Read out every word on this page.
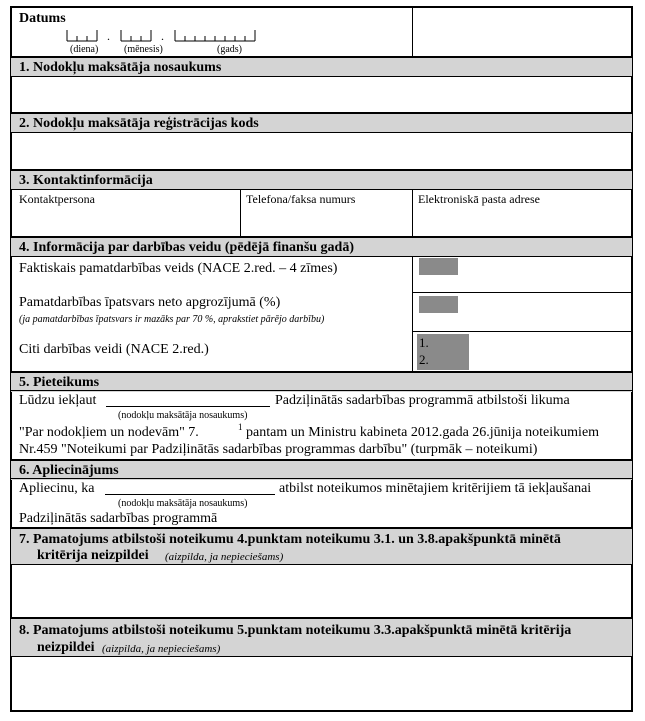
Datums
.	.
(diena)	(mēnesis)	(gads)
1. Nodokļu maksātāja nosaukums
2. Nodokļu maksātāja reģistrācijas kods
3. Kontaktinformācija
Kontaktpersona	Telefona/faksa numurs	Elektroniskā pasta adrese
4. Informācija par darbības veidu (pēdējā finanšu gadā)
Faktiskais pamatdarbības veids (NACE 2.red. – 4 zīmes)
Pamatdarbības īpatsvars neto apgrozījumā (%)
(ja pamatdarbības īpatsvars ir mazāks par 70 %, aprakstiet pārējo darbību)
Citi darbības veidi (NACE 2.red.)	1.
2.
5. Pieteikums
Lūdzu iekļaut	Padziļinātās sadarbības programmā atbilstoši likuma
(nodokļu maksātāja nosaukums)
"Par nodokļiem un nodevām" 7.	1 pantam un Ministru kabineta 2012.gada 26.jūnija noteikumiem
Nr.459 "Noteikumi par Padziļinātās sadarbības programmas darbību" (turpmāk – noteikumi)
6. Apliecinājums
Apliecinu, ka	atbilst noteikumos minētajiem kritērijiem tā iekļaušanai
(nodokļu maksātāja nosaukums)
Padziļinātās sadarbības programmā
7. Pamatojums atbilstoši noteikumu 4.punktam noteikumu 3.1. un 3.8.apakšpunktā minētā
kritērija neizpildei (aizpilda, ja nepieciešams)
8. Pamatojums atbilstoši noteikumu 5.punktam noteikumu 3.3.apakšpunktā minētā kritērija
neizpildei (aizpilda, ja nepieciešams)
